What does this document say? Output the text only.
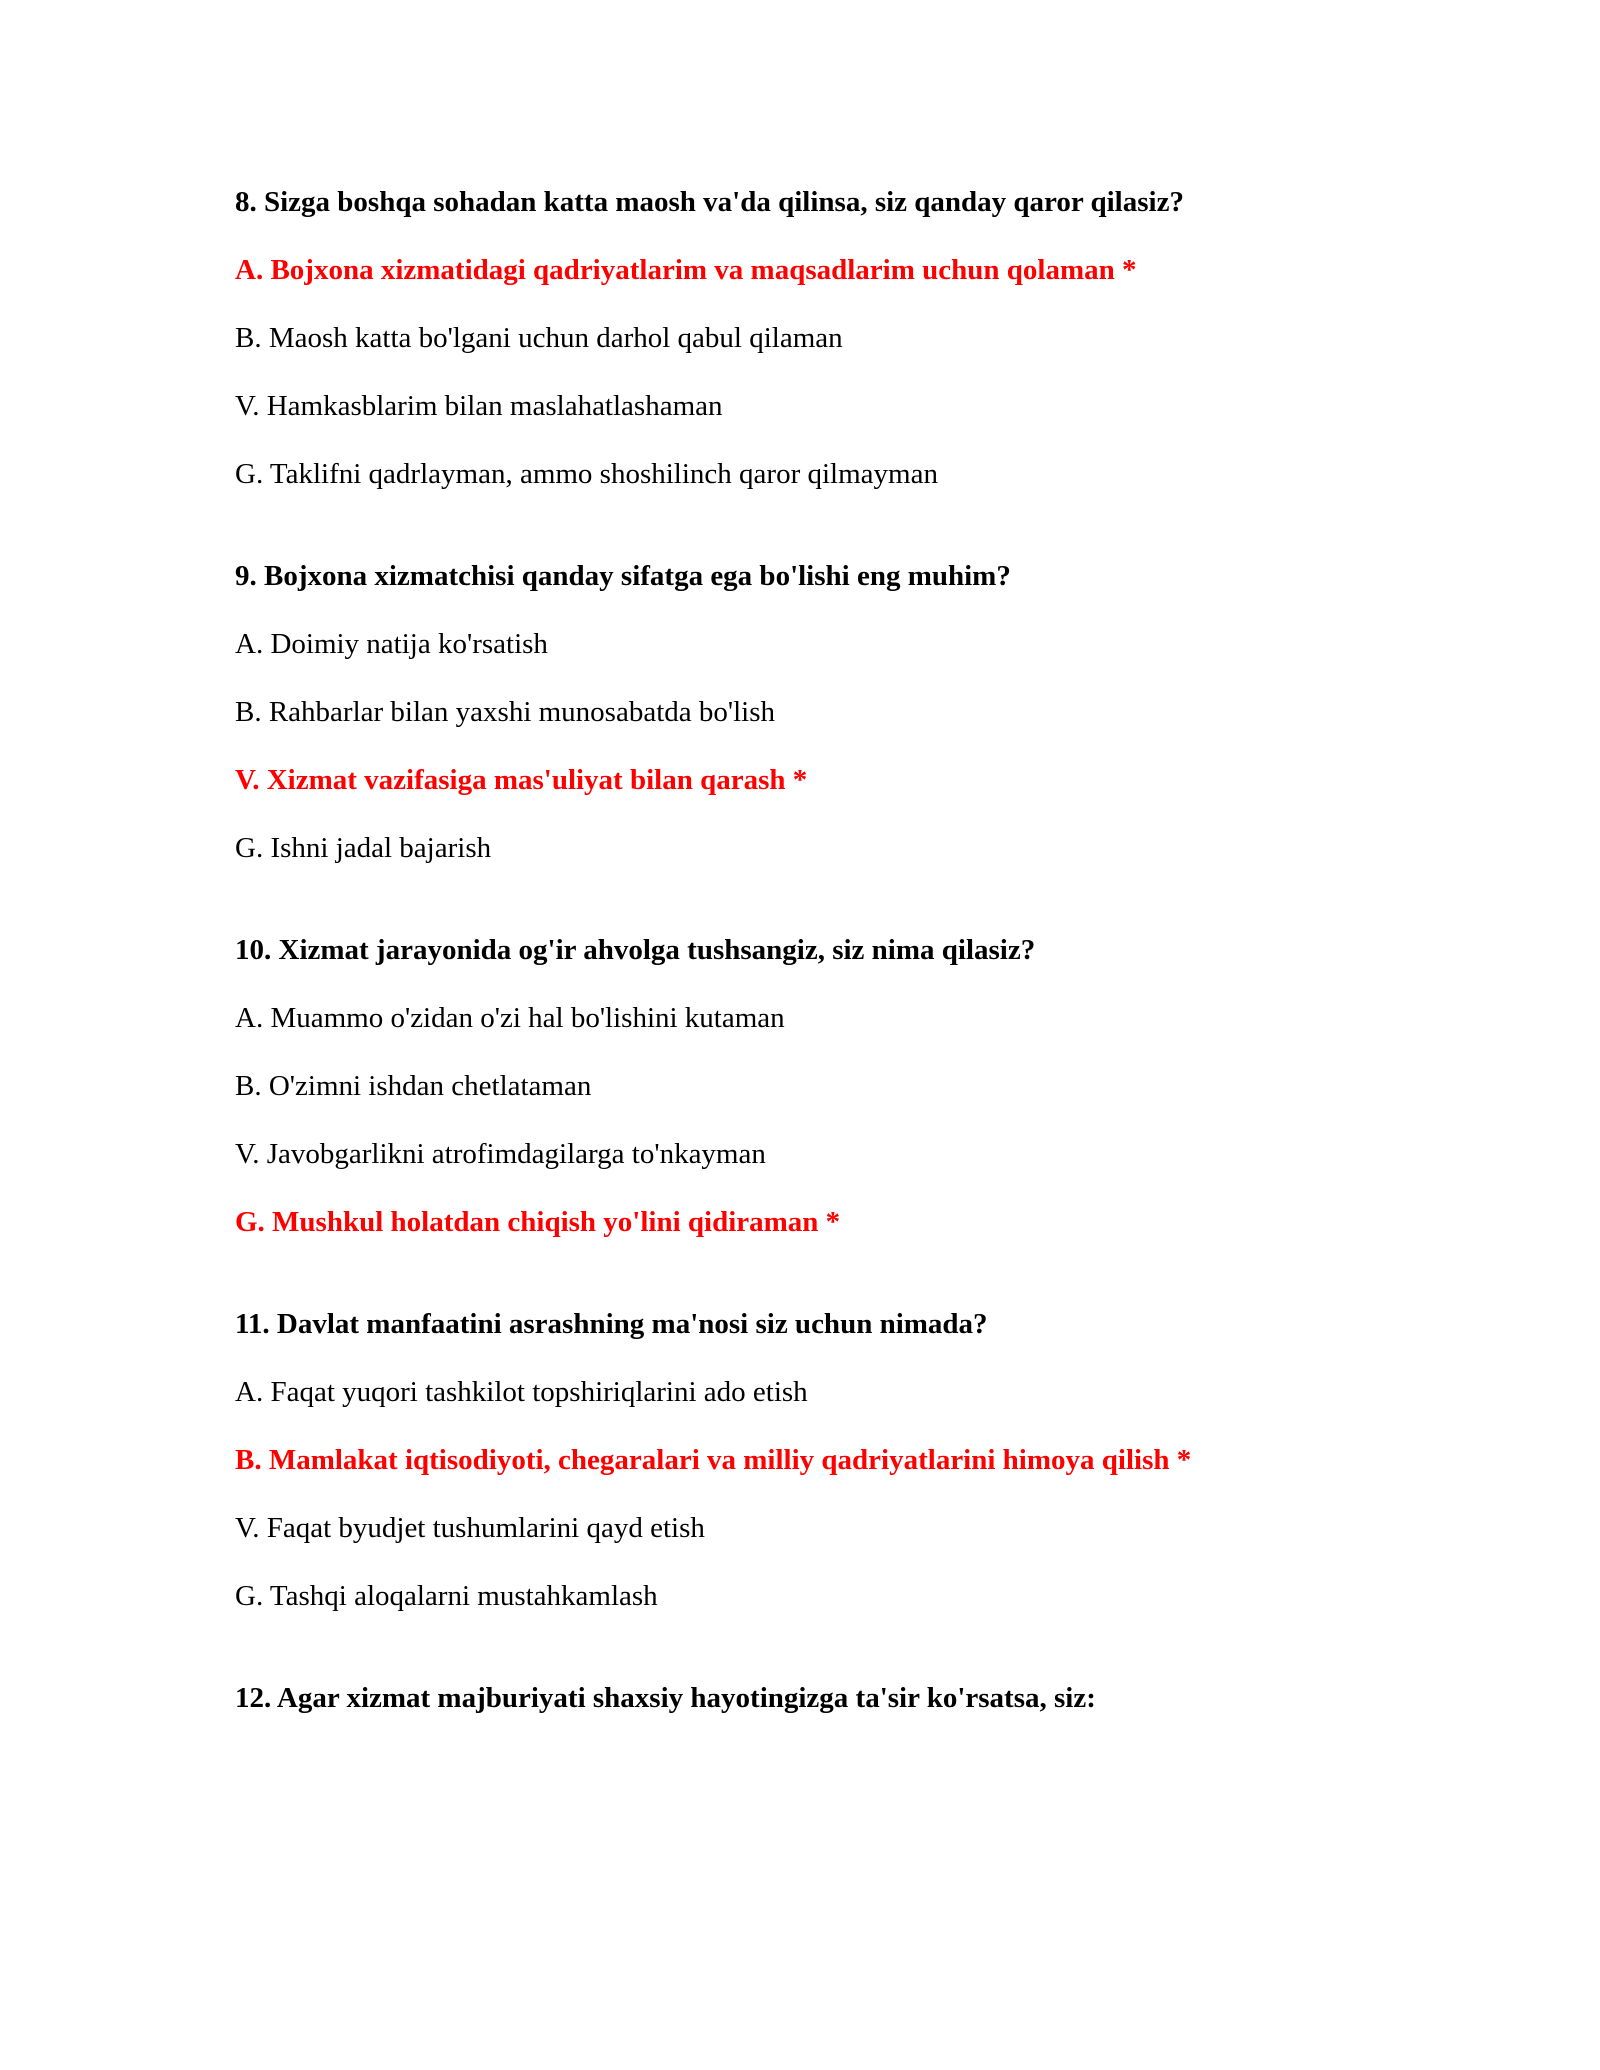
8. Sizga boshqa sohadan katta maosh va'da qilinsa, siz qanday qaror qilasiz?
A. Bojxona xizmatidagi qadriyatlarim va maqsadlarim uchun qolaman *
B. Maosh katta bo'lgani uchun darhol qabul qilaman
V. Hamkasblarim bilan maslahatlashaman
G. Taklifni qadrlayman, ammo shoshilinch qaror qilmayman
9. Bojxona xizmatchisi qanday sifatga ega bo'lishi eng muhim?
A. Doimiy natija ko'rsatish
B. Rahbarlar bilan yaxshi munosabatda bo'lish
V. Xizmat vazifasiga mas'uliyat bilan qarash *
G. Ishni jadal bajarish
10. Xizmat jarayonida og'ir ahvolga tushsangiz, siz nima qilasiz?
A. Muammo o'zidan o'zi hal bo'lishini kutaman
B. O'zimni ishdan chetlataman
V. Javobgarlikni atrofimdagilarga to'nkayman
G. Mushkul holatdan chiqish yo'lini qidiraman *
11. Davlat manfaatini asrashning ma'nosi siz uchun nimada?
A. Faqat yuqori tashkilot topshiriqlarini ado etish
B. Mamlakat iqtisodiyoti, chegaralari va milliy qadriyatlarini himoya qilish *
V. Faqat byudjet tushumlarini qayd etish
G. Tashqi aloqalarni mustahkamlash
12. Agar xizmat majburiyati shaxsiy hayotingizga ta'sir ko'rsatsa, siz:
